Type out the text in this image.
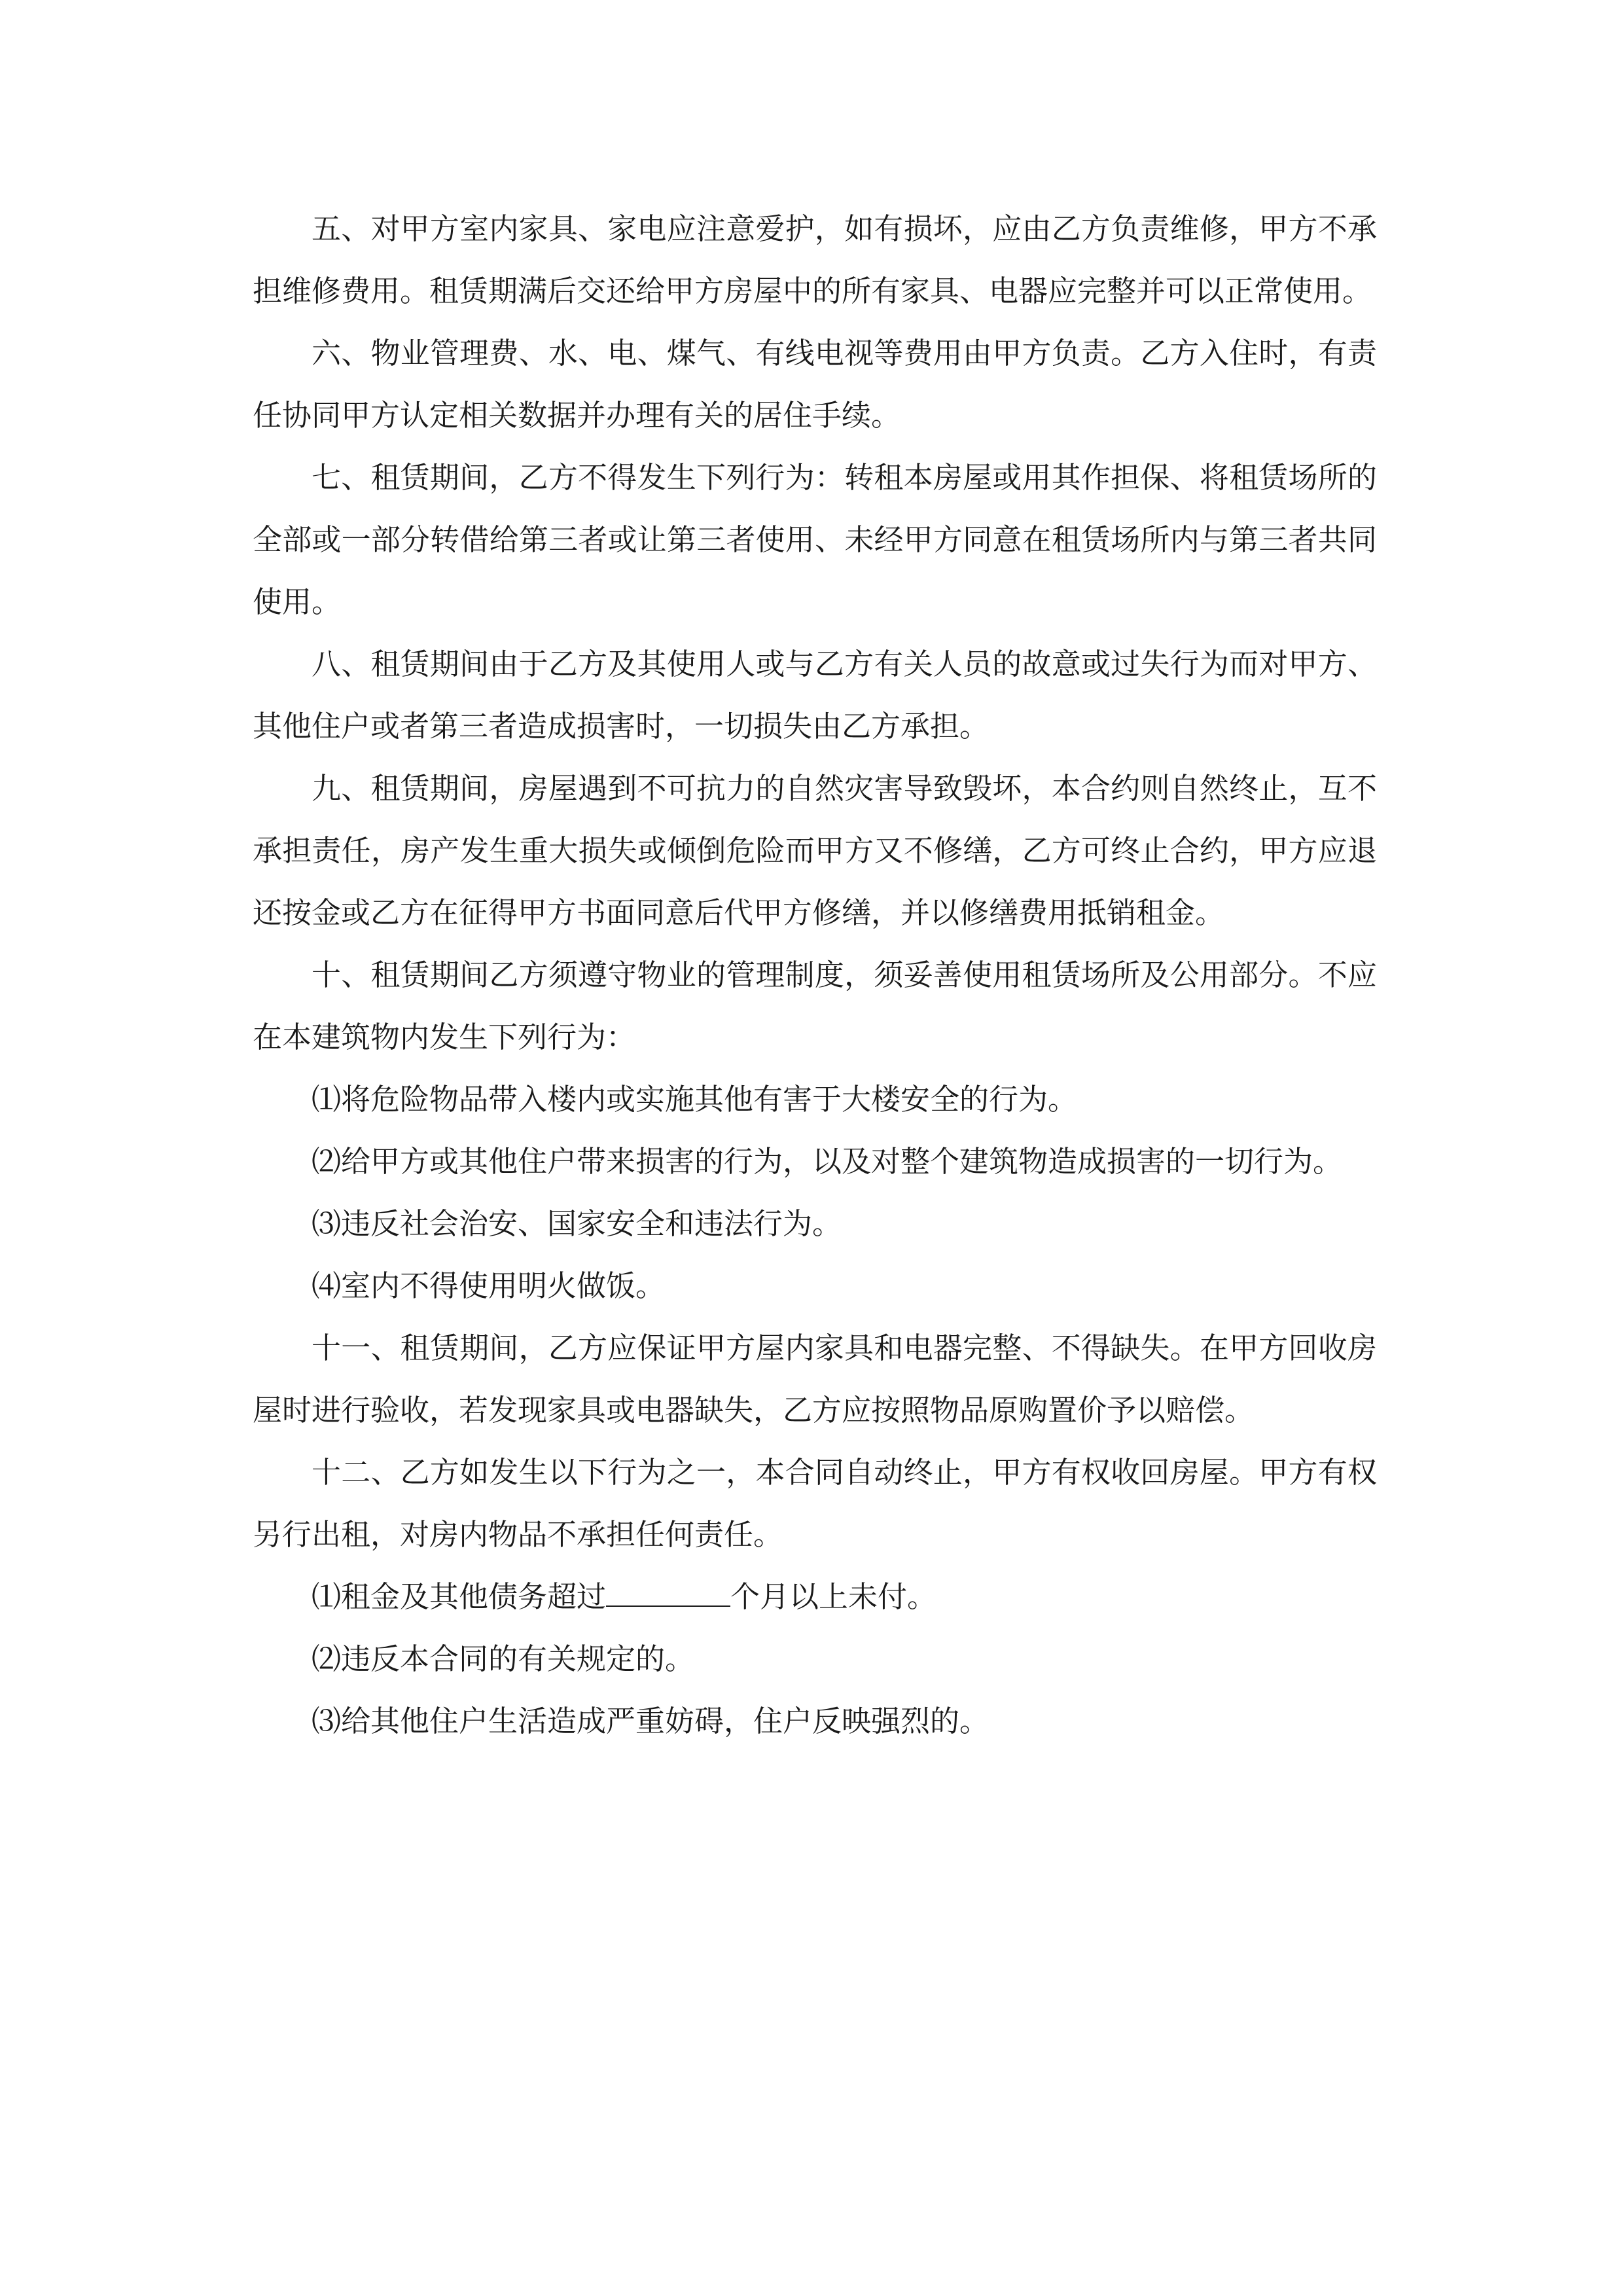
五、对甲方室内家具、家电应注意爱护，如有损坏，应由乙方负责维修，甲方不承担维修费用。租赁期满后交还给甲方房屋中的所有家具、电器应完整并可以正常使用。

六、物业管理费、水、电、煤气、有线电视等费用由甲方负责。乙方入住时，有责任协同甲方认定相关数据并办理有关的居住手续。

七、租赁期间，乙方不得发生下列行为：转租本房屋或用其作担保、将租赁场所的全部或一部分转借给第三者或让第三者使用、未经甲方同意在租赁场所内与第三者共同使用。

八、租赁期间由于乙方及其使用人或与乙方有关人员的故意或过失行为而对甲方、其他住户或者第三者造成损害时，一切损失由乙方承担。

九、租赁期间，房屋遇到不可抗力的自然灾害导致毁坏，本合约则自然终止，互不承担责任，房产发生重大损失或倾倒危险而甲方又不修缮，乙方可终止合约，甲方应退还按金或乙方在征得甲方书面同意后代甲方修缮，并以修缮费用抵销租金。

十、租赁期间乙方须遵守物业的管理制度，须妥善使用租赁场所及公用部分。不应在本建筑物内发生下列行为：

⑴将危险物品带入楼内或实施其他有害于大楼安全的行为。

⑵给甲方或其他住户带来损害的行为，以及对整个建筑物造成损害的一切行为。

⑶违反社会治安、国家安全和违法行为。

⑷室内不得使用明火做饭。

十一、租赁期间，乙方应保证甲方屋内家具和电器完整、不得缺失。在甲方回收房屋时进行验收，若发现家具或电器缺失，乙方应按照物品原购置价予以赔偿。

十二、乙方如发生以下行为之一，本合同自动终止，甲方有权收回房屋。甲方有权另行出租，对房内物品不承担任何责任。

⑴租金及其他债务超过	个月以上未付。

⑵违反本合同的有关规定的。

⑶给其他住户生活造成严重妨碍，住户反映强烈的。
